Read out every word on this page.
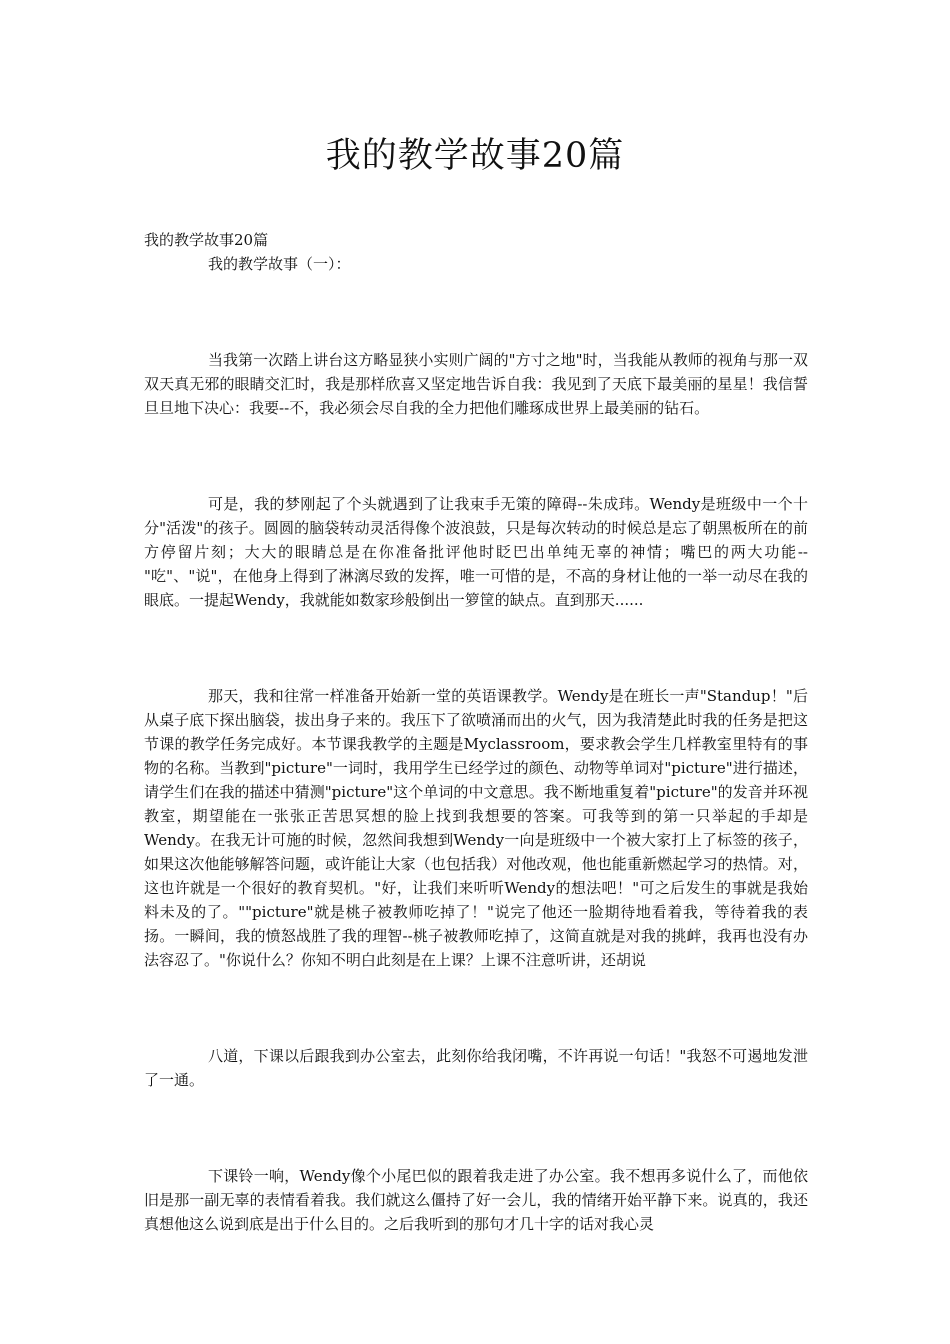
我的教学故事20篇

我的教学故事20篇

我的教学故事（一）：

当我第一次踏上讲台这方略显狭小实则广阔的"方寸之地"时，当我能从教师的视角与那一双双天真无邪的眼睛交汇时，我是那样欣喜又坚定地告诉自我：我见到了天底下最美丽的星星！我信誓旦旦地下决心：我要--不，我必须会尽自我的全力把他们雕琢成世界上最美丽的钻石。

可是，我的梦刚起了个头就遇到了让我束手无策的障碍--朱成玮。Wendy是班级中一个十分"活泼"的孩子。圆圆的脑袋转动灵活得像个波浪鼓，只是每次转动的时候总是忘了朝黑板所在的前方停留片刻；大大的眼睛总是在你准备批评他时眨巴出单纯无辜的神情；嘴巴的两大功能--"吃"、"说"，在他身上得到了淋漓尽致的发挥，唯一可惜的是，不高的身材让他的一举一动尽在我的眼底。一提起Wendy，我就能如数家珍般倒出一箩筐的缺点。直到那天......

那天，我和往常一样准备开始新一堂的英语课教学。Wendy是在班长一声"Standup！"后从桌子底下探出脑袋，拔出身子来的。我压下了欲喷涌而出的火气，因为我清楚此时我的任务是把这节课的教学任务完成好。本节课我教学的主题是Myclassroom，要求教会学生几样教室里特有的事物的名称。当教到"picture"一词时，我用学生已经学过的颜色、动物等单词对"picture"进行描述，请学生们在我的描述中猜测"picture"这个单词的中文意思。我不断地重复着"picture"的发音并环视教室，期望能在一张张正苦思冥想的脸上找到我想要的答案。可我等到的第一只举起的手却是Wendy。在我无计可施的时候，忽然间我想到Wendy一向是班级中一个被大家打上了标签的孩子，如果这次他能够解答问题，或许能让大家（也包括我）对他改观，他也能重新燃起学习的热情。对，这也许就是一个很好的教育契机。"好，让我们来听听Wendy的想法吧！"可之后发生的事就是我始料未及的了。""picture"就是桃子被教师吃掉了！"说完了他还一脸期待地看着我，等待着我的表扬。一瞬间，我的愤怒战胜了我的理智--桃子被教师吃掉了，这简直就是对我的挑衅，我再也没有办法容忍了。"你说什么？你知不明白此刻是在上课？上课不注意听讲，还胡说

八道，下课以后跟我到办公室去，此刻你给我闭嘴，不许再说一句话！"我怒不可遏地发泄了一通。

下课铃一响，Wendy像个小尾巴似的跟着我走进了办公室。我不想再多说什么了，而他依旧是那一副无辜的表情看着我。我们就这么僵持了好一会儿，我的情绪开始平静下来。说真的，我还真想他这么说到底是出于什么目的。之后我听到的那句才几十字的话对我心灵
